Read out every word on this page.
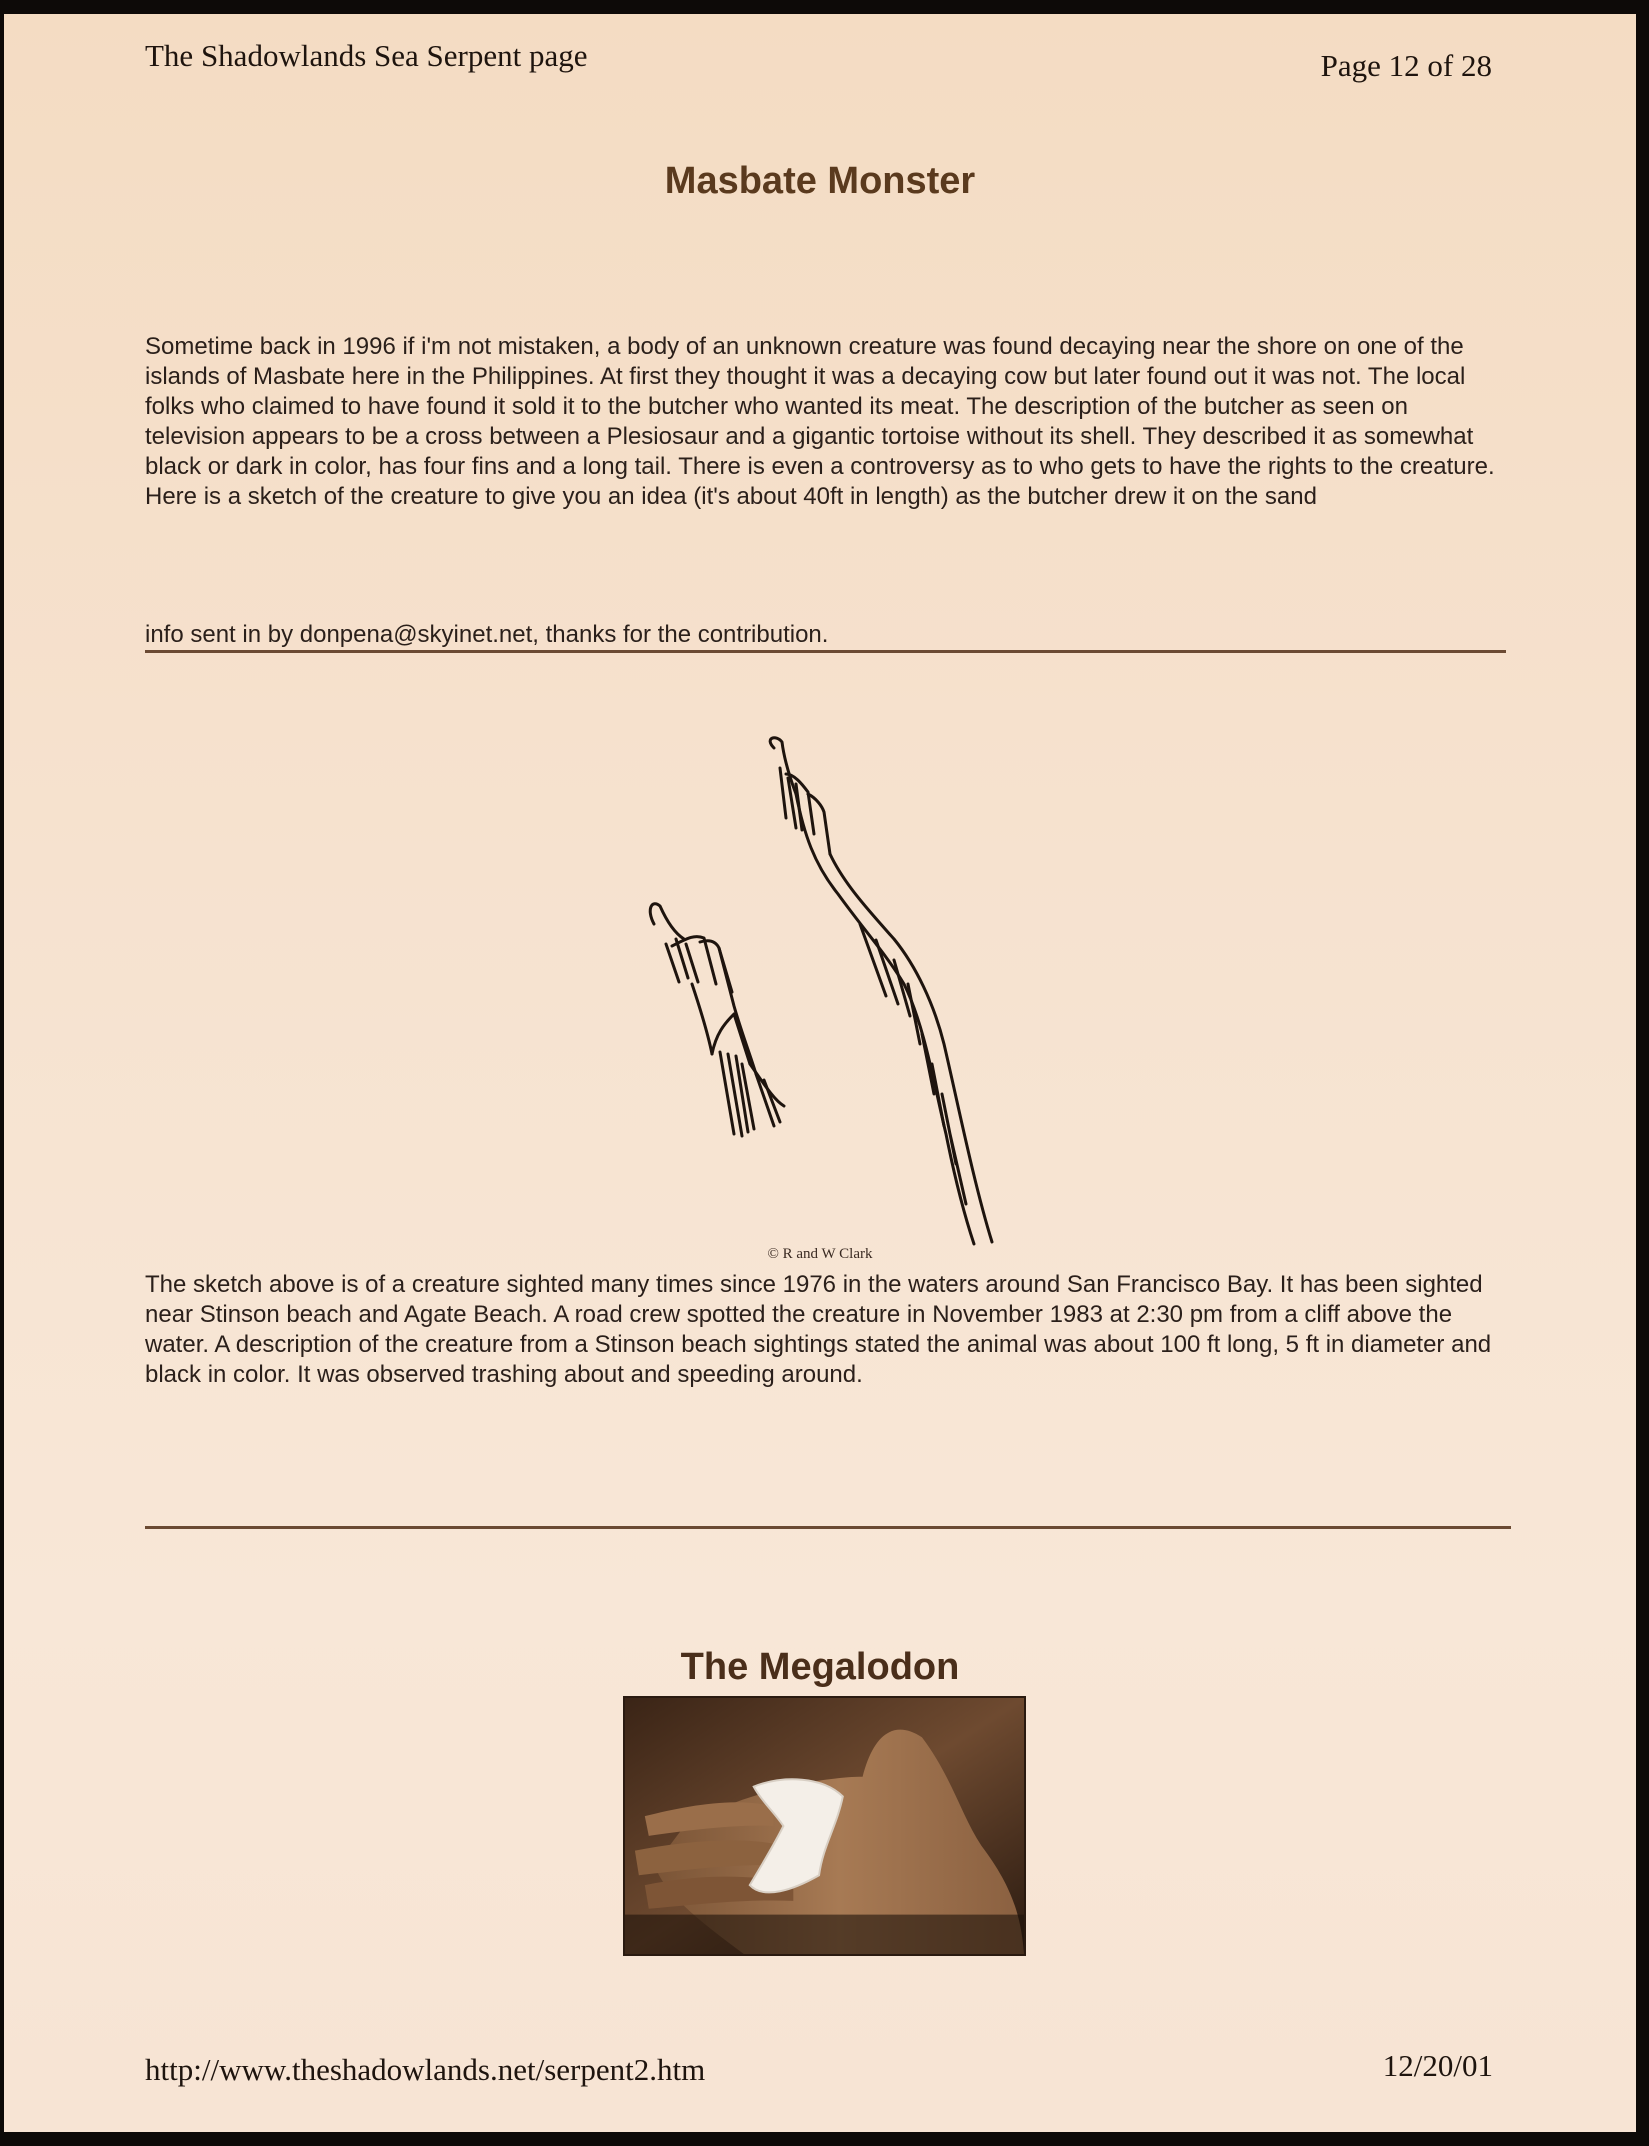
The Shadowlands Sea Serpent page	Page 12 of 28
Masbate Monster
Sometime back in 1996 if i'm not mistaken, a body of an unknown creature was found decaying near the shore on one of the islands of Masbate here in the Philippines. At first they thought it was a decaying cow but later found out it was not. The local folks who claimed to have found it sold it to the butcher who wanted its meat. The description of the butcher as seen on television appears to be a cross between a Plesiosaur and a gigantic tortoise without its shell. They described it as somewhat black or dark in color, has four fins and a long tail. There is even a controversy as to who gets to have the rights to the creature. Here is a sketch of the creature to give you an idea (it's about 40ft in length) as the butcher drew it on the sand
info sent in by donpena@skyinet.net, thanks for the contribution.
© R and W Clark
The sketch above is of a creature sighted many times since 1976 in the waters around San Francisco Bay. It has been sighted near Stinson beach and Agate Beach. A road crew spotted the creature in November 1983 at 2:30 pm from a cliff above the water. A description of the creature from a Stinson beach sightings stated the animal was about 100 ft long, 5 ft in diameter and black in color. It was observed trashing about and speeding around.
The Megalodon
http://www.theshadowlands.net/serpent2.htm	12/20/01
